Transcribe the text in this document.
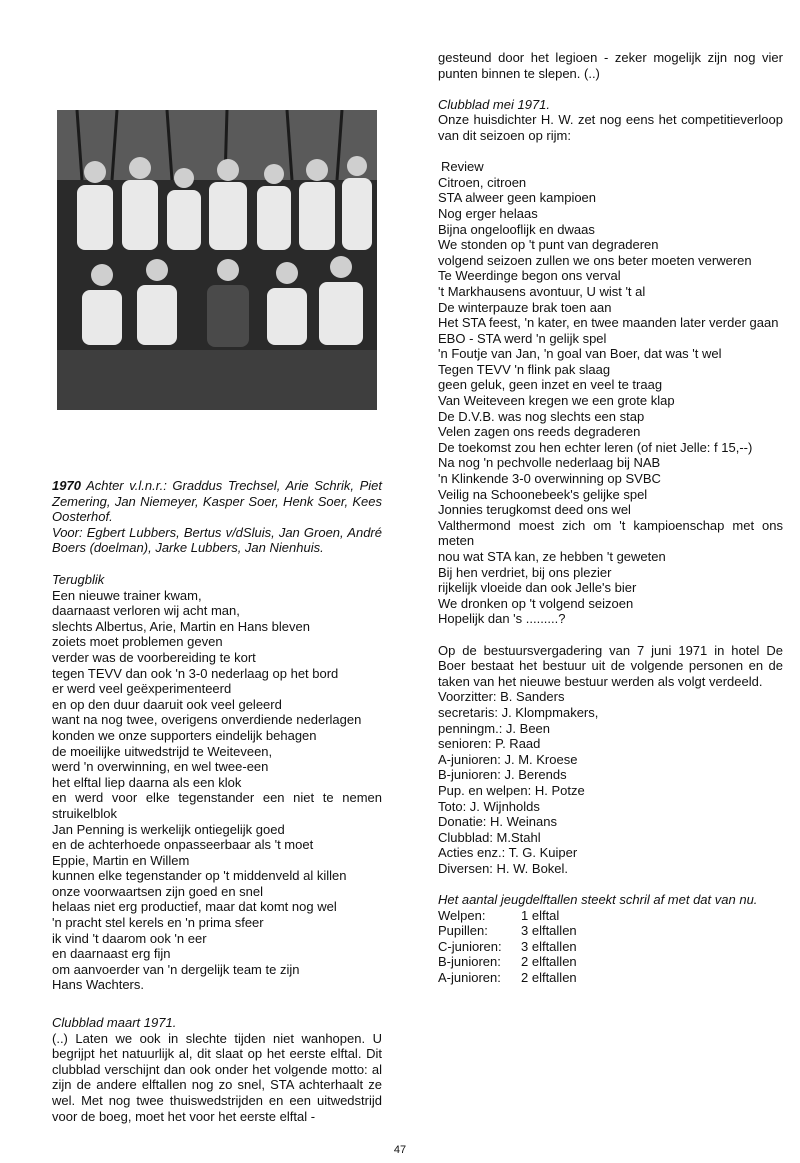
1970 Achter v.l.n.r.: Graddus Trechsel, Arie Schrik, Piet Zemering, Jan Niemeyer, Kasper Soer, Henk Soer, Kees Oosterhof.
Voor: Egbert Lubbers, Bertus v/dSluis, Jan Groen, André Boers (doelman), Jarke Lubbers, Jan Nienhuis.
Terugblik
Een nieuwe trainer kwam,
daarnaast verloren wij acht man,
slechts Albertus, Arie, Martin en Hans bleven
zoiets moet problemen geven
verder was de voorbereiding te kort
tegen TEVV dan ook 'n 3-0 nederlaag op het bord
er werd veel geëxperimenteerd
en op den duur daaruit ook veel geleerd
want na nog twee, overigens onverdiende nederlagen
konden we onze supporters eindelijk behagen
de moeilijke uitwedstrijd te Weiteveen,
werd 'n overwinning, en wel twee-een
het elftal liep daarna als een klok
en werd voor elke tegenstander een niet te nemen struikelblok
Jan Penning is werkelijk ontiegelijk goed
en de achterhoede onpasseerbaar als 't moet
Eppie, Martin en Willem
kunnen elke tegenstander op 't middenveld al killen
onze voorwaartsen zijn goed en snel
helaas niet erg productief, maar dat komt nog wel
'n pracht stel kerels en 'n prima sfeer
ik vind 't daarom ook 'n eer
en daarnaast erg fijn
om aanvoerder van 'n dergelijk team te zijn
Hans Wachters.
Clubblad maart 1971.
(..) Laten we ook in slechte tijden niet wanhopen. U begrijpt het natuurlijk al, dit slaat op het eerste elftal. Dit clubblad verschijnt dan ook onder het volgende motto: al zijn de andere elftallen nog zo snel, STA achterhaalt ze wel. Met nog twee thuiswedstrijden en een uitwedstrijd voor de boeg, moet het voor het eerste elftal -
gesteund door het legioen - zeker mogelijk zijn nog vier punten binnen te slepen. (..)
Clubblad mei 1971.
Onze huisdichter H. W. zet nog eens het competitieverloop van dit seizoen op rijm:
Review
Citroen, citroen
STA alweer geen kampioen
Nog erger helaas
Bijna ongelooflijk en dwaas
We stonden op 't punt van degraderen
volgend seizoen zullen we ons beter moeten verweren
Te Weerdinge begon ons verval
't Markhausens avontuur, U wist 't al
De winterpauze brak toen aan
Het STA feest, 'n kater, en twee maanden later verder gaan
EBO - STA werd 'n gelijk spel
'n Foutje van Jan, 'n goal van Boer, dat was 't wel
Tegen TEVV 'n flink pak slaag
geen geluk, geen inzet en veel te traag
Van Weiteveen kregen we een grote klap
De D.V.B. was nog slechts een stap
Velen zagen ons reeds degraderen
De toekomst zou hen echter leren (of niet Jelle: f 15,--)
Na nog 'n pechvolle nederlaag bij NAB
'n Klinkende 3-0 overwinning op SVBC
Veilig na Schoonebeek's gelijke spel
Jonnies terugkomst deed ons wel
Valthermond moest zich om 't kampioenschap met ons meten
nou wat STA kan, ze hebben 't geweten
Bij hen verdriet, bij ons plezier
rijkelijk vloeide dan ook Jelle's bier
We dronken op 't volgend seizoen
Hopelijk dan 's .........?
Op de bestuursvergadering van 7 juni 1971 in hotel De Boer bestaat het bestuur uit de volgende personen en de taken van het nieuwe bestuur werden als volgt verdeeld.
Voorzitter: B. Sanders
secretaris: J. Klompmakers,
penningm.: J. Been
senioren: P. Raad
A-junioren: J. M. Kroese
B-junioren: J. Berends
Pup. en welpen: H. Potze
Toto: J. Wijnholds
Donatie: H. Weinans
Clubblad: M.Stahl
Acties enz.: T. G. Kuiper
Diversen: H. W. Bokel.
Het aantal jeugdelftallen steekt schril af met dat van nu.
Welpen:	1 elftal
Pupillen:	3 elftallen
C-junioren:	3 elftallen
B-junioren:	2 elftallen
A-junioren:	2 elftallen
47
